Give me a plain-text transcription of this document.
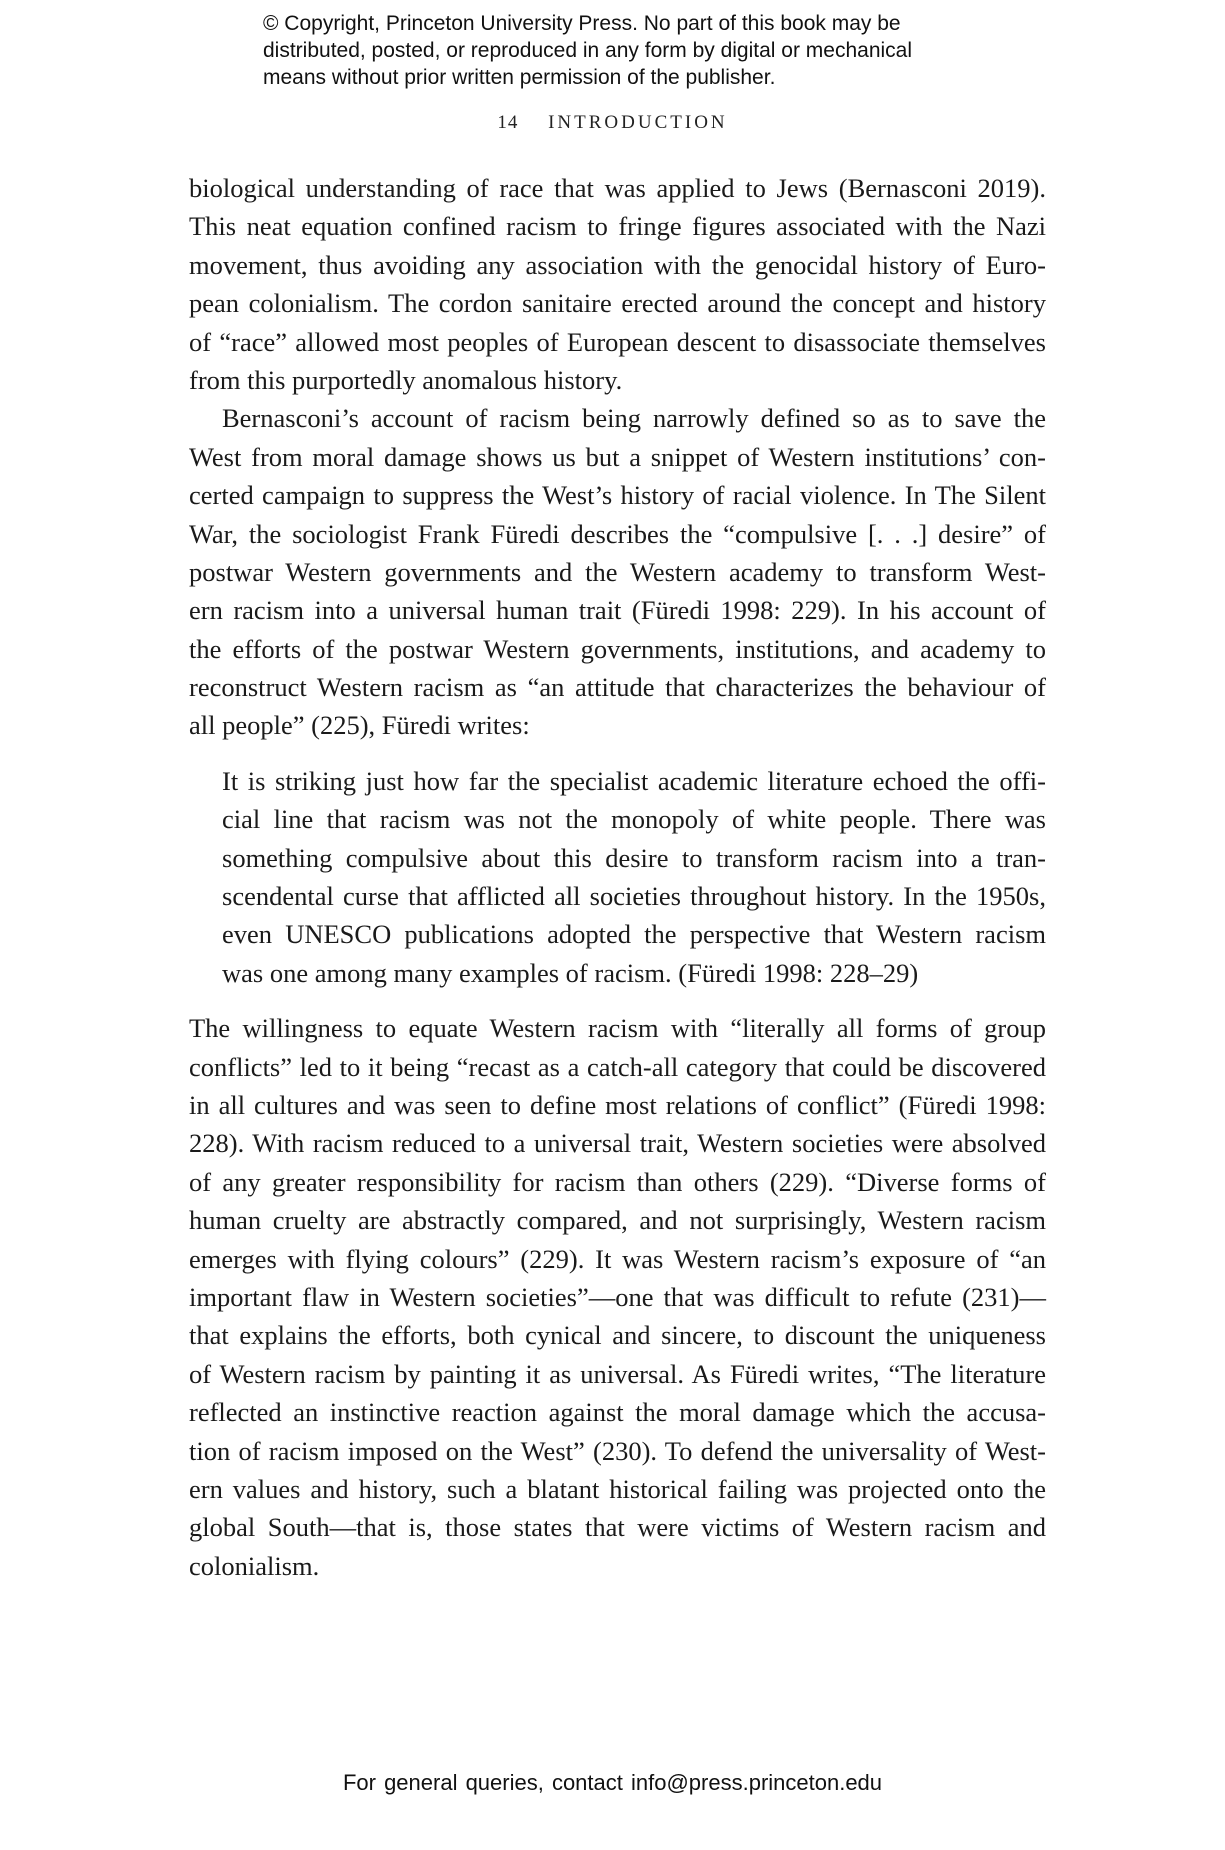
© Copyright, Princeton University Press. No part of this book may be
distributed, posted, or reproduced in any form by digital or mechanical
means without prior written permission of the publisher.
14 INTRODUCTION
biological understanding of race that was applied to Jews (Bernasconi 2019).
This neat equation confined racism to fringe figures associated with the Nazi
movement, thus avoiding any association with the genocidal history of Euro-
pean colonialism. The cordon sanitaire erected around the concept and history
of “race” allowed most peoples of European descent to disassociate themselves
from this purportedly anomalous history.
Bernasconi’s account of racism being narrowly defined so as to save the
West from moral damage shows us but a snippet of Western institutions’ con-
certed campaign to suppress the West’s history of racial violence. In The Silent
War, the sociologist Frank Füredi describes the “compulsive [. . .] desire” of
postwar Western governments and the Western academy to transform West-
ern racism into a universal human trait (Füredi 1998: 229). In his account of
the efforts of the postwar Western governments, institutions, and academy to
reconstruct Western racism as “an attitude that characterizes the behaviour of
all people” (225), Füredi writes:
It is striking just how far the specialist academic literature echoed the offi-
cial line that racism was not the monopoly of white people. There was
something compulsive about this desire to transform racism into a tran-
scendental curse that afflicted all societies throughout history. In the 1950s,
even UNESCO publications adopted the perspective that Western racism
was one among many examples of racism. (Füredi 1998: 228–29)
The willingness to equate Western racism with “literally all forms of group
conflicts” led to it being “recast as a catch-all category that could be discovered
in all cultures and was seen to define most relations of conflict” (Füredi 1998:
228). With racism reduced to a universal trait, Western societies were absolved
of any greater responsibility for racism than others (229). “Diverse forms of
human cruelty are abstractly compared, and not surprisingly, Western racism
emerges with flying colours” (229). It was Western racism’s exposure of “an
important flaw in Western societies”—one that was difficult to refute (231)—
that explains the efforts, both cynical and sincere, to discount the uniqueness
of Western racism by painting it as universal. As Füredi writes, “The literature
reflected an instinctive reaction against the moral damage which the accusa-
tion of racism imposed on the West” (230). To defend the universality of West-
ern values and history, such a blatant historical failing was projected onto the
global South—that is, those states that were victims of Western racism and
colonialism.
For general queries, contact info@press.princeton.edu
